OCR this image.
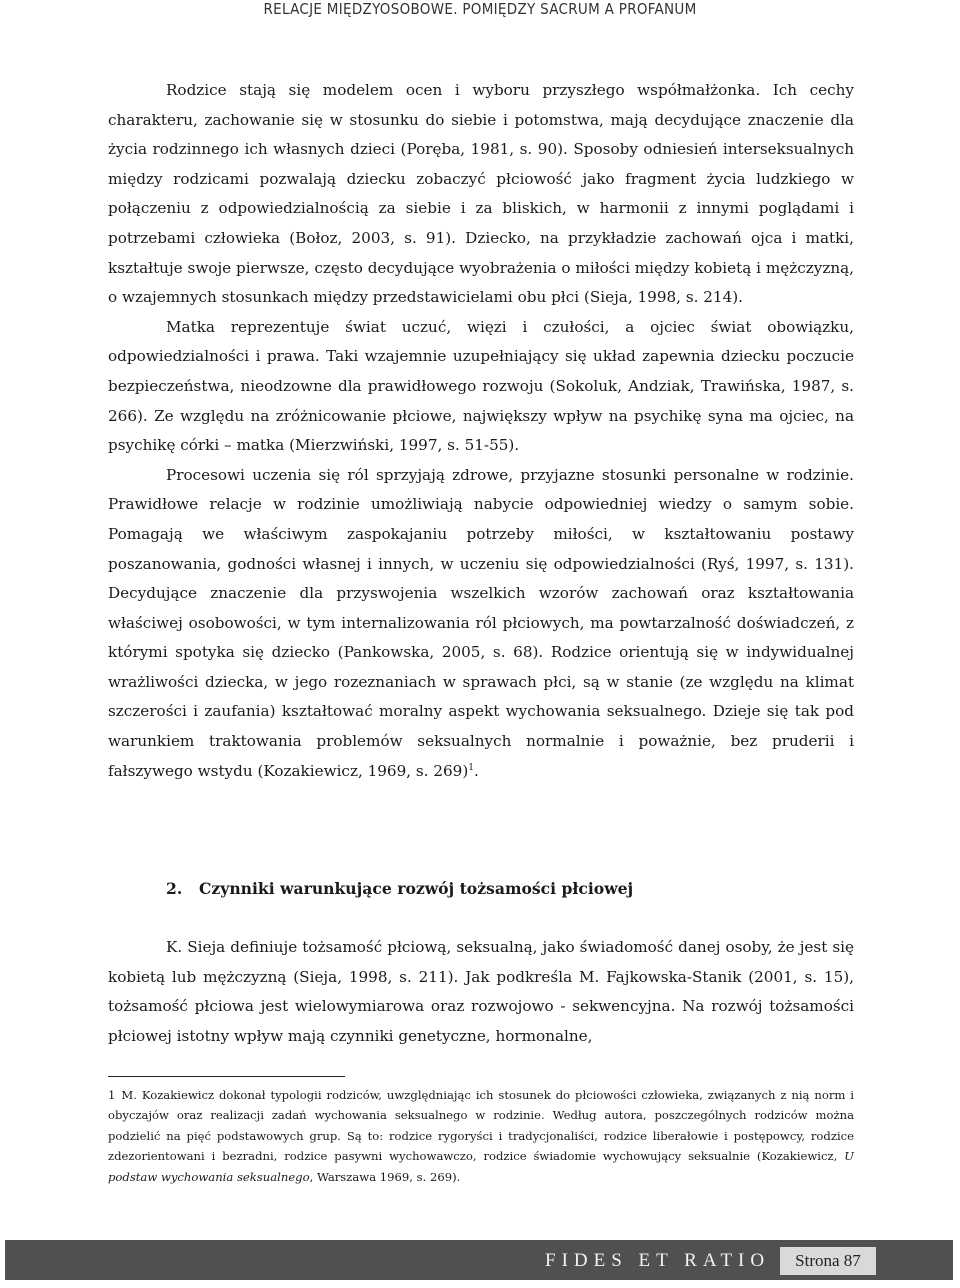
RELACJE MIĘDZYOSOBOWE. POMIĘDZY SACRUM A PROFANUM

Rodzice stają się modelem ocen i wyboru przyszłego współmałżonka. Ich cechy charakteru, zachowanie się w stosunku do siebie i potomstwa, mają decydujące znaczenie dla życia rodzinnego ich własnych dzieci (Poręba, 1981, s. 90). Sposoby odniesień interseksualnych między rodzicami pozwalają dziecku zobaczyć płciowość jako fragment życia ludzkiego w połączeniu z odpowiedzialnością za siebie i za bliskich, w harmonii z innymi poglądami i potrzebami człowieka (Bołoz, 2003, s. 91). Dziecko, na przykładzie zachowań ojca i matki, kształtuje swoje pierwsze, często decydujące wyobrażenia o miłości między kobietą i mężczyzną, o wzajemnych stosunkach między przedstawicielami obu płci (Sieja, 1998, s. 214).

Matka reprezentuje świat uczuć, więzi i czułości, a ojciec świat obowiązku, odpowiedzialności i prawa. Taki wzajemnie uzupełniający się układ zapewnia dziecku poczucie bezpieczeństwa, nieodzowne dla prawidłowego rozwoju (Sokoluk, Andziak, Trawińska, 1987, s. 266). Ze względu na zróżnicowanie płciowe, największy wpływ na psychikę syna ma ojciec, na psychikę córki – matka (Mierzwiński, 1997, s. 51-55).

Procesowi uczenia się ról sprzyjają zdrowe, przyjazne stosunki personalne w rodzinie. Prawidłowe relacje w rodzinie umożliwiają nabycie odpowiedniej wiedzy o samym sobie. Pomagają we właściwym zaspokajaniu potrzeby miłości, w kształtowaniu postawy poszanowania, godności własnej i innych, w uczeniu się odpowiedzialności (Ryś, 1997, s. 131). Decydujące znaczenie dla przyswojenia wszelkich wzorów zachowań oraz kształtowania właściwej osobowości, w tym internalizowania ról płciowych, ma powtarzalność doświadczeń, z którymi spotyka się dziecko (Pankowska, 2005, s. 68). Rodzice orientują się w indywidualnej wrażliwości dziecka, w jego rozeznaniach w sprawach płci, są w stanie (ze względu na klimat szczerości i zaufania) kształtować moralny aspekt wychowania seksualnego. Dzieje się tak pod warunkiem traktowania problemów seksualnych normalnie i poważnie, bez pruderii i fałszywego wstydu (Kozakiewicz, 1969, s. 269)$^1$.

2. Czynniki warunkujące rozwój tożsamości płciowej

K. Sieja definiuje tożsamość płciową, seksualną, jako świadomość danej osoby, że jest się kobietą lub mężczyzną (Sieja, 1998, s. 211). Jak podkreśla M. Fajkowska-Stanik (2001, s. 15), tożsamość płciowa jest wielowymiarowa oraz rozwojowo - sekwencyjna. Na rozwój tożsamości płciowej istotny wpływ mają czynniki genetyczne, hormonalne,

1 M. Kozakiewicz dokonał typologii rodziców, uwzględniając ich stosunek do płciowości człowieka, związanych z nią norm i obyczajów oraz realizacji zadań wychowania seksualnego w rodzinie. Według autora, poszczególnych rodziców można podzielić na pięć podstawowych grup. Są to: rodzice rygoryści i tradycjonaliści, rodzice liberałowie i postępowcy, rodzice zdezorientowani i bezradni, rodzice pasywni wychowawczo, rodzice świadomie wychowujący seksualnie (Kozakiewicz, U podstaw wychowania seksualnego, Warszawa 1969, s. 269).

FIDES ET RATIO	Strona 87
